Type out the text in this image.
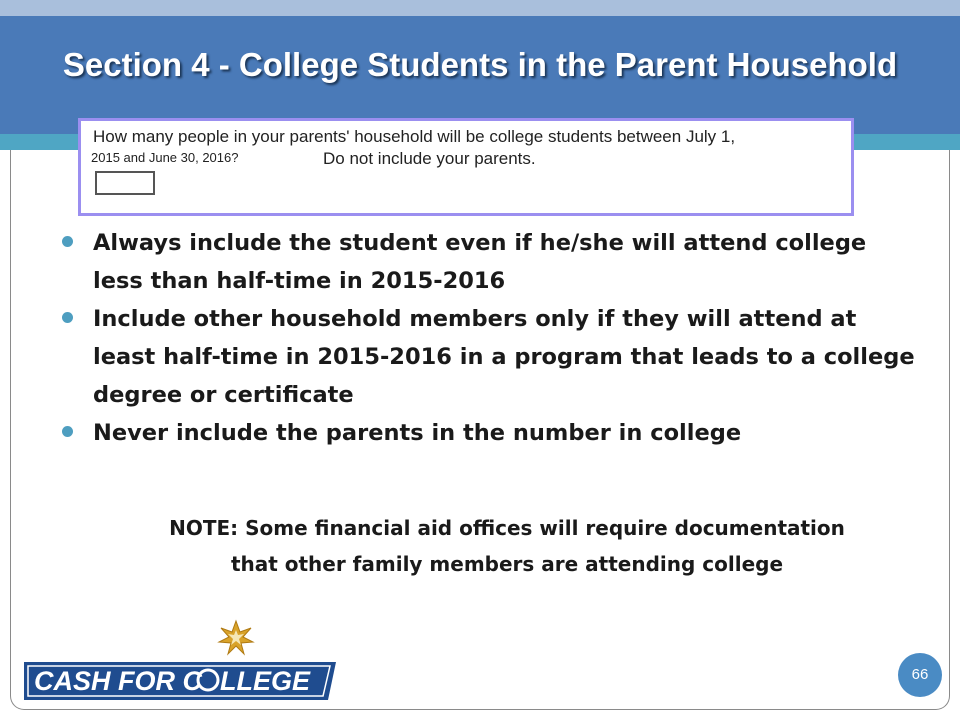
Section 4 - College Students in the Parent Household
How many people in your parents' household will be college students between July 1,
2015 and June 30, 2016?	Do not include your parents.
Always include the student even if he/she will attend college less than half-time in 2015-2016
Include other household members only if they will attend at least half-time in 2015-2016 in a program that leads to a college degree or certificate
Never include the parents in the number in college
NOTE: Some financial aid offices will require documentation
that other family members are attending college
CASH FOR C LLEGE	66
